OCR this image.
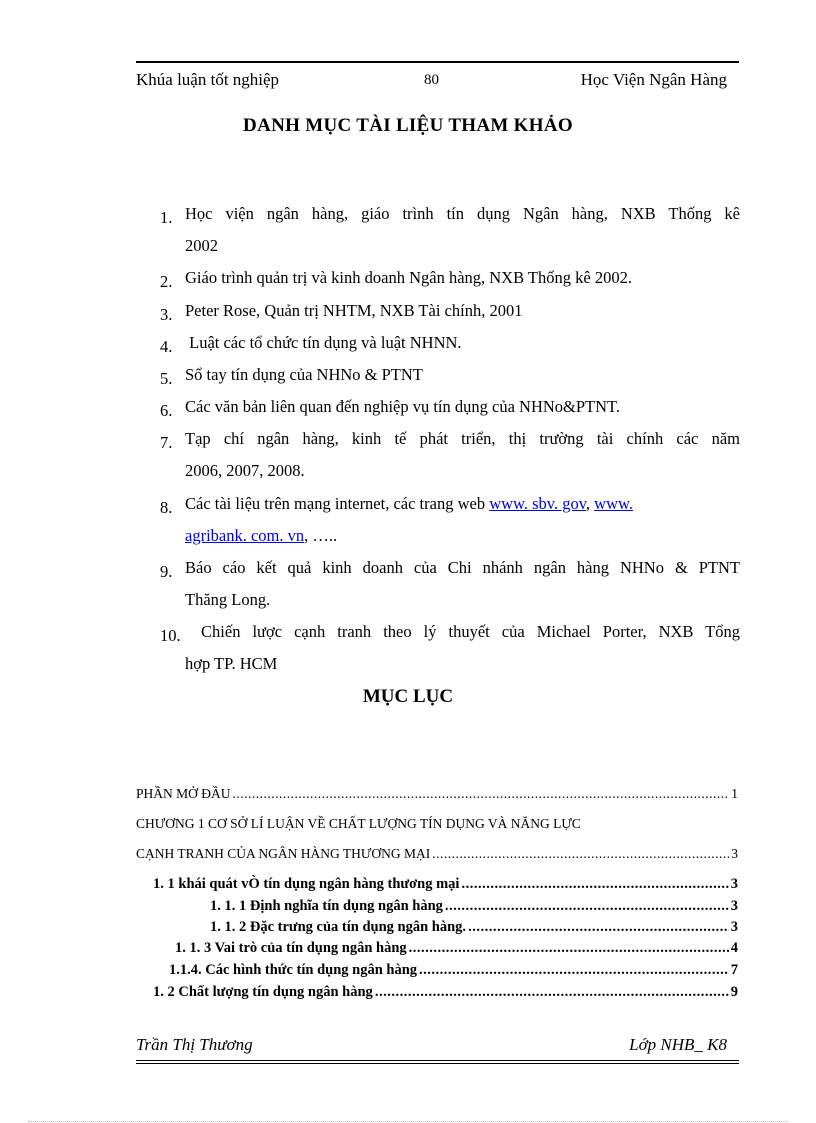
Khúa luận tốt nghiệp	80	Học Viện Ngân Hàng
DANH MỤC TÀI LIỆU THAM KHẢO
1. Học viện ngân hàng, giáo trình tín dụng Ngân hàng, NXB Thống kê
2002
2. Giáo trình quản trị và kinh doanh Ngân hàng, NXB Thống kê 2002.
3. Peter Rose, Quản trị NHTM, NXB Tài chính, 2001
4. Luật các tổ chức tín dụng và luật NHNN.
5. Sổ tay tín dụng của NHNo & PTNT
6. Các văn bản liên quan đến nghiệp vụ tín dụng của NHNo&PTNT.
7. Tạp chí ngân hàng, kinh tế phát triển, thị trường tài chính các năm
2006, 2007, 2008.
8. Các tài liệu trên mạng internet, các trang web www. sbv. gov, www.
agribank. com. vn, …..
9. Báo cáo kết quả kinh doanh của Chi nhánh ngân hàng NHNo & PTNT
Thăng Long.
10. Chiến lược cạnh tranh theo lý thuyết của Michael Porter, NXB Tổng
hợp TP. HCM
MỤC LỤC
PHẦN MỞ ĐẦU .....	1
CHƯƠNG 1 CƠ SỞ LÍ LUẬN VỀ CHẤT LƯỢNG TÍN DỤNG VÀ NĂNG LỰC
CẠNH TRANH CỦA NGÂN HÀNG THƯƠNG MẠI .....	3
1. 1 khái quát vÒ tín dụng ngân hàng thương mại .....	3
1. 1. 1 Định nghĩa tín dụng ngân hàng .....	3
1. 1. 2 Đặc trưng của tín dụng ngân hàng. .....	3
1. 1. 3 Vai trò của tín dụng ngân hàng .....	4
1.1.4. Các hình thức tín dụng ngân hàng .....	7
1. 2 Chất lượng tín dụng ngân hàng .....	9
Trần Thị Thương	Lớp NHB_ K8
